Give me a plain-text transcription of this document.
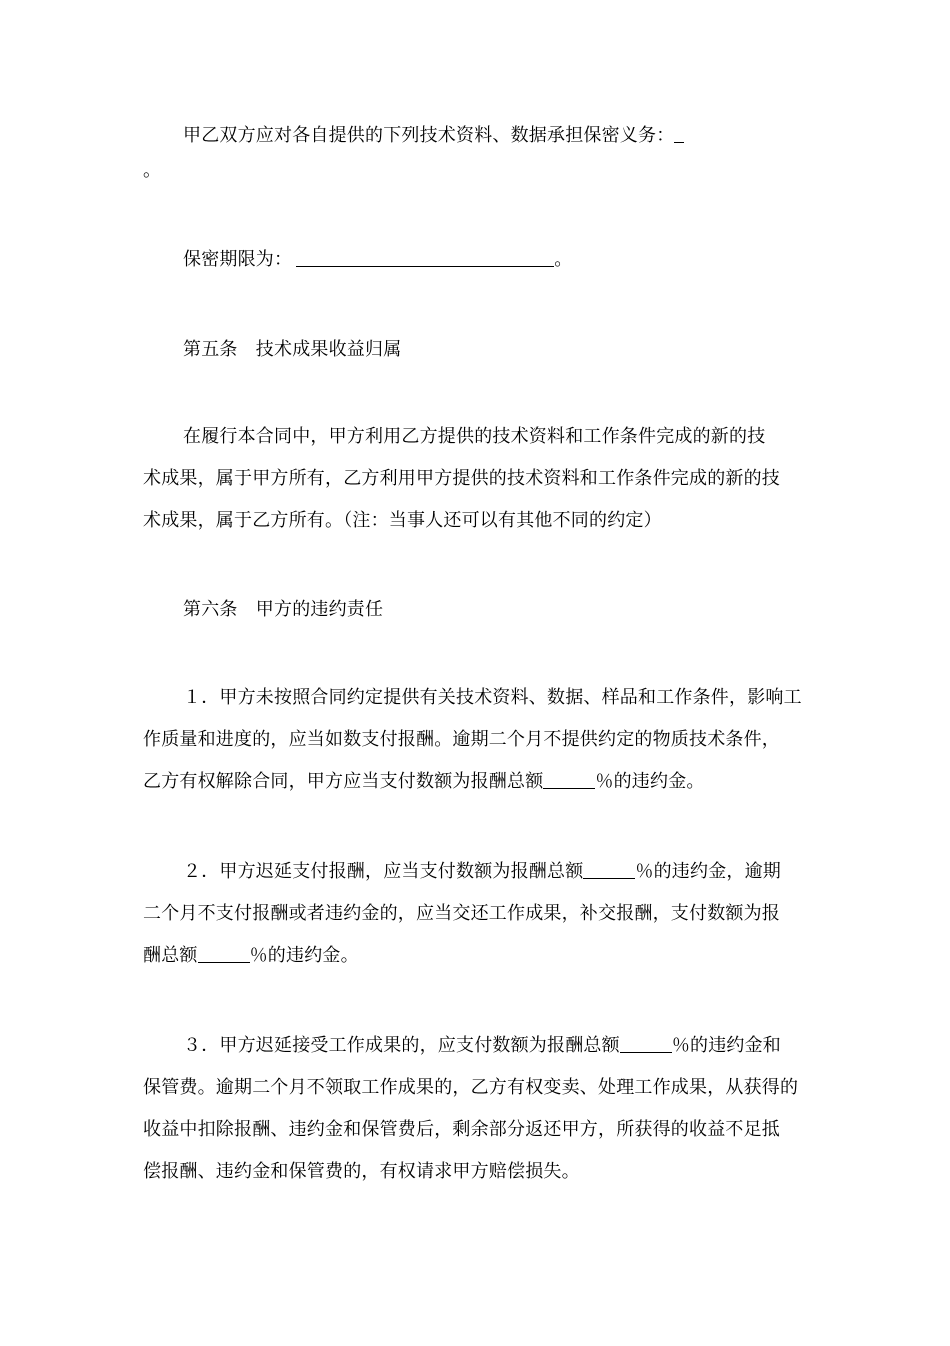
甲乙双方应对各自提供的下列技术资料、数据承担保密义务：
。
保密期限为：	。
第五条　技术成果收益归属
在履行本合同中，甲方利用乙方提供的技术资料和工作条件完成的新的技
术成果，属于甲方所有，乙方利用甲方提供的技术资料和工作条件完成的新的技
术成果，属于乙方所有。（注：当事人还可以有其他不同的约定）
第六条　甲方的违约责任
１．甲方未按照合同约定提供有关技术资料、数据、样品和工作条件，影响工
作质量和进度的，应当如数支付报酬。逾期二个月不提供约定的物质技术条件，
乙方有权解除合同，甲方应当支付数额为报酬总额	％的违约金。
２．甲方迟延支付报酬，应当支付数额为报酬总额	％的违约金，逾期
二个月不支付报酬或者违约金的，应当交还工作成果，补交报酬，支付数额为报
酬总额	％的违约金。
３．甲方迟延接受工作成果的，应支付数额为报酬总额	％的违约金和
保管费。逾期二个月不领取工作成果的，乙方有权变卖、处理工作成果，从获得的
收益中扣除报酬、违约金和保管费后，剩余部分返还甲方，所获得的收益不足抵
偿报酬、违约金和保管费的，有权请求甲方赔偿损失。
